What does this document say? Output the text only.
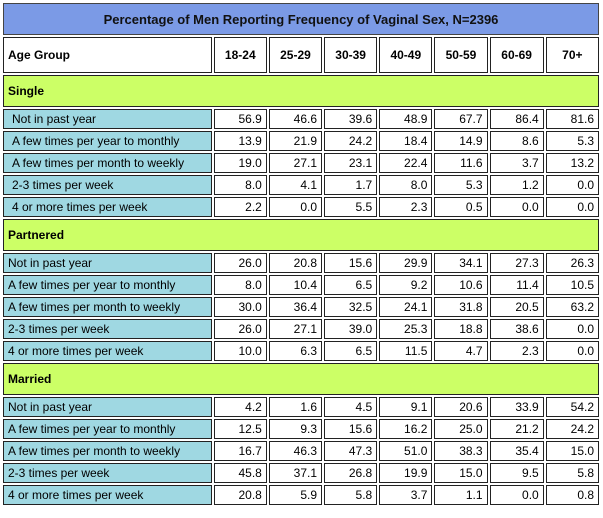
Percentage of Men Reporting Frequency of Vaginal Sex, N=2396							
Age Group	18-24	25-29	30-39	40-49	50-59	60-69	70+
Single							
Not in past year	56.9	46.6	39.6	48.9	67.7	86.4	81.6
A few times per year to monthly	13.9	21.9	24.2	18.4	14.9	8.6	5.3
A few times per month to weekly	19.0	27.1	23.1	22.4	11.6	3.7	13.2
2-3 times per week	8.0	4.1	1.7	8.0	5.3	1.2	0.0
4 or more times per week	2.2	0.0	5.5	2.3	0.5	0.0	0.0
Partnered							
Not in past year	26.0	20.8	15.6	29.9	34.1	27.3	26.3
A few times per year to monthly	8.0	10.4	6.5	9.2	10.6	11.4	10.5
A few times per month to weekly	30.0	36.4	32.5	24.1	31.8	20.5	63.2
2-3 times per week	26.0	27.1	39.0	25.3	18.8	38.6	0.0
4 or more times per week	10.0	6.3	6.5	11.5	4.7	2.3	0.0
Married							
Not in past year	4.2	1.6	4.5	9.1	20.6	33.9	54.2
A few times per year to monthly	12.5	9.3	15.6	16.2	25.0	21.2	24.2
A few times per month to weekly	16.7	46.3	47.3	51.0	38.3	35.4	15.0
2-3 times per week	45.8	37.1	26.8	19.9	15.0	9.5	5.8
4 or more times per week	20.8	5.9	5.8	3.7	1.1	0.0	0.8
